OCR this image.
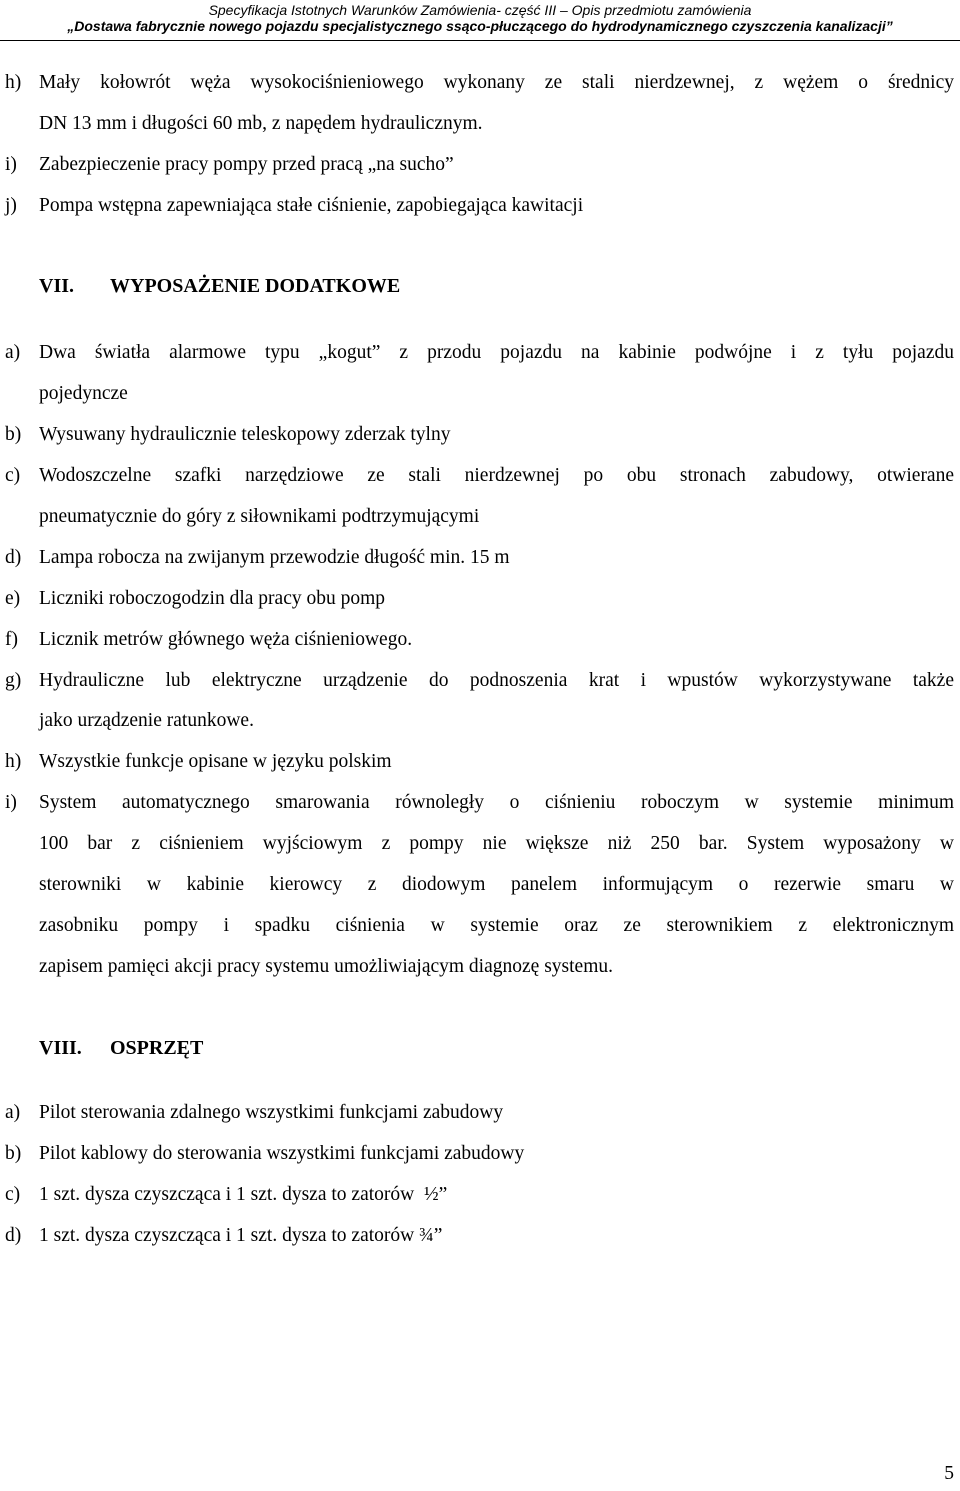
Specyfikacja Istotnych Warunków Zamówienia- część III – Opis przedmiotu zamówienia
„Dostawa fabrycznie nowego pojazdu specjalistycznego ssąco-płuczącego do hydrodynamicznego czyszczenia kanalizacji”
h) Mały kołowrót węża wysokociśnieniowego wykonany ze stali nierdzewnej, z wężem o średnicy
DN 13 mm i długości 60 mb, z napędem hydraulicznym.
i) Zabezpieczenie pracy pompy przed pracą „na sucho”
j) Pompa wstępna zapewniająca stałe ciśnienie, zapobiegająca kawitacji
VII. WYPOSAŻENIE DODATKOWE
a) Dwa światła alarmowe typu „kogut” z przodu pojazdu na kabinie podwójne i z tyłu pojazdu
pojedyncze
b) Wysuwany hydraulicznie teleskopowy zderzak tylny
c) Wodoszczelne szafki narzędziowe ze stali nierdzewnej po obu stronach zabudowy, otwierane
pneumatycznie do góry z siłownikami podtrzymującymi
d) Lampa robocza na zwijanym przewodzie długość min. 15 m
e) Liczniki roboczogodzin dla pracy obu pomp
f) Licznik metrów głównego węża ciśnieniowego.
g) Hydrauliczne lub elektryczne urządzenie do podnoszenia krat i wpustów wykorzystywane także
jako urządzenie ratunkowe.
h) Wszystkie funkcje opisane w języku polskim
i) System automatycznego smarowania równoległy o ciśnieniu roboczym w systemie minimum
100 bar z ciśnieniem wyjściowym z pompy nie większe niż 250 bar. System wyposażony w
sterowniki w kabinie kierowcy z diodowym panelem informującym o rezerwie smaru w
zasobniku pompy i spadku ciśnienia w systemie oraz ze sterownikiem z elektronicznym
zapisem pamięci akcji pracy systemu umożliwiającym diagnozę systemu.
VIII. OSPRZĘT
a) Pilot sterowania zdalnego wszystkimi funkcjami zabudowy
b) Pilot kablowy do sterowania wszystkimi funkcjami zabudowy
c) 1 szt. dysza czyszcząca i 1 szt. dysza to zatorów  ½”
d) 1 szt. dysza czyszcząca i 1 szt. dysza to zatorów ¾”
5
